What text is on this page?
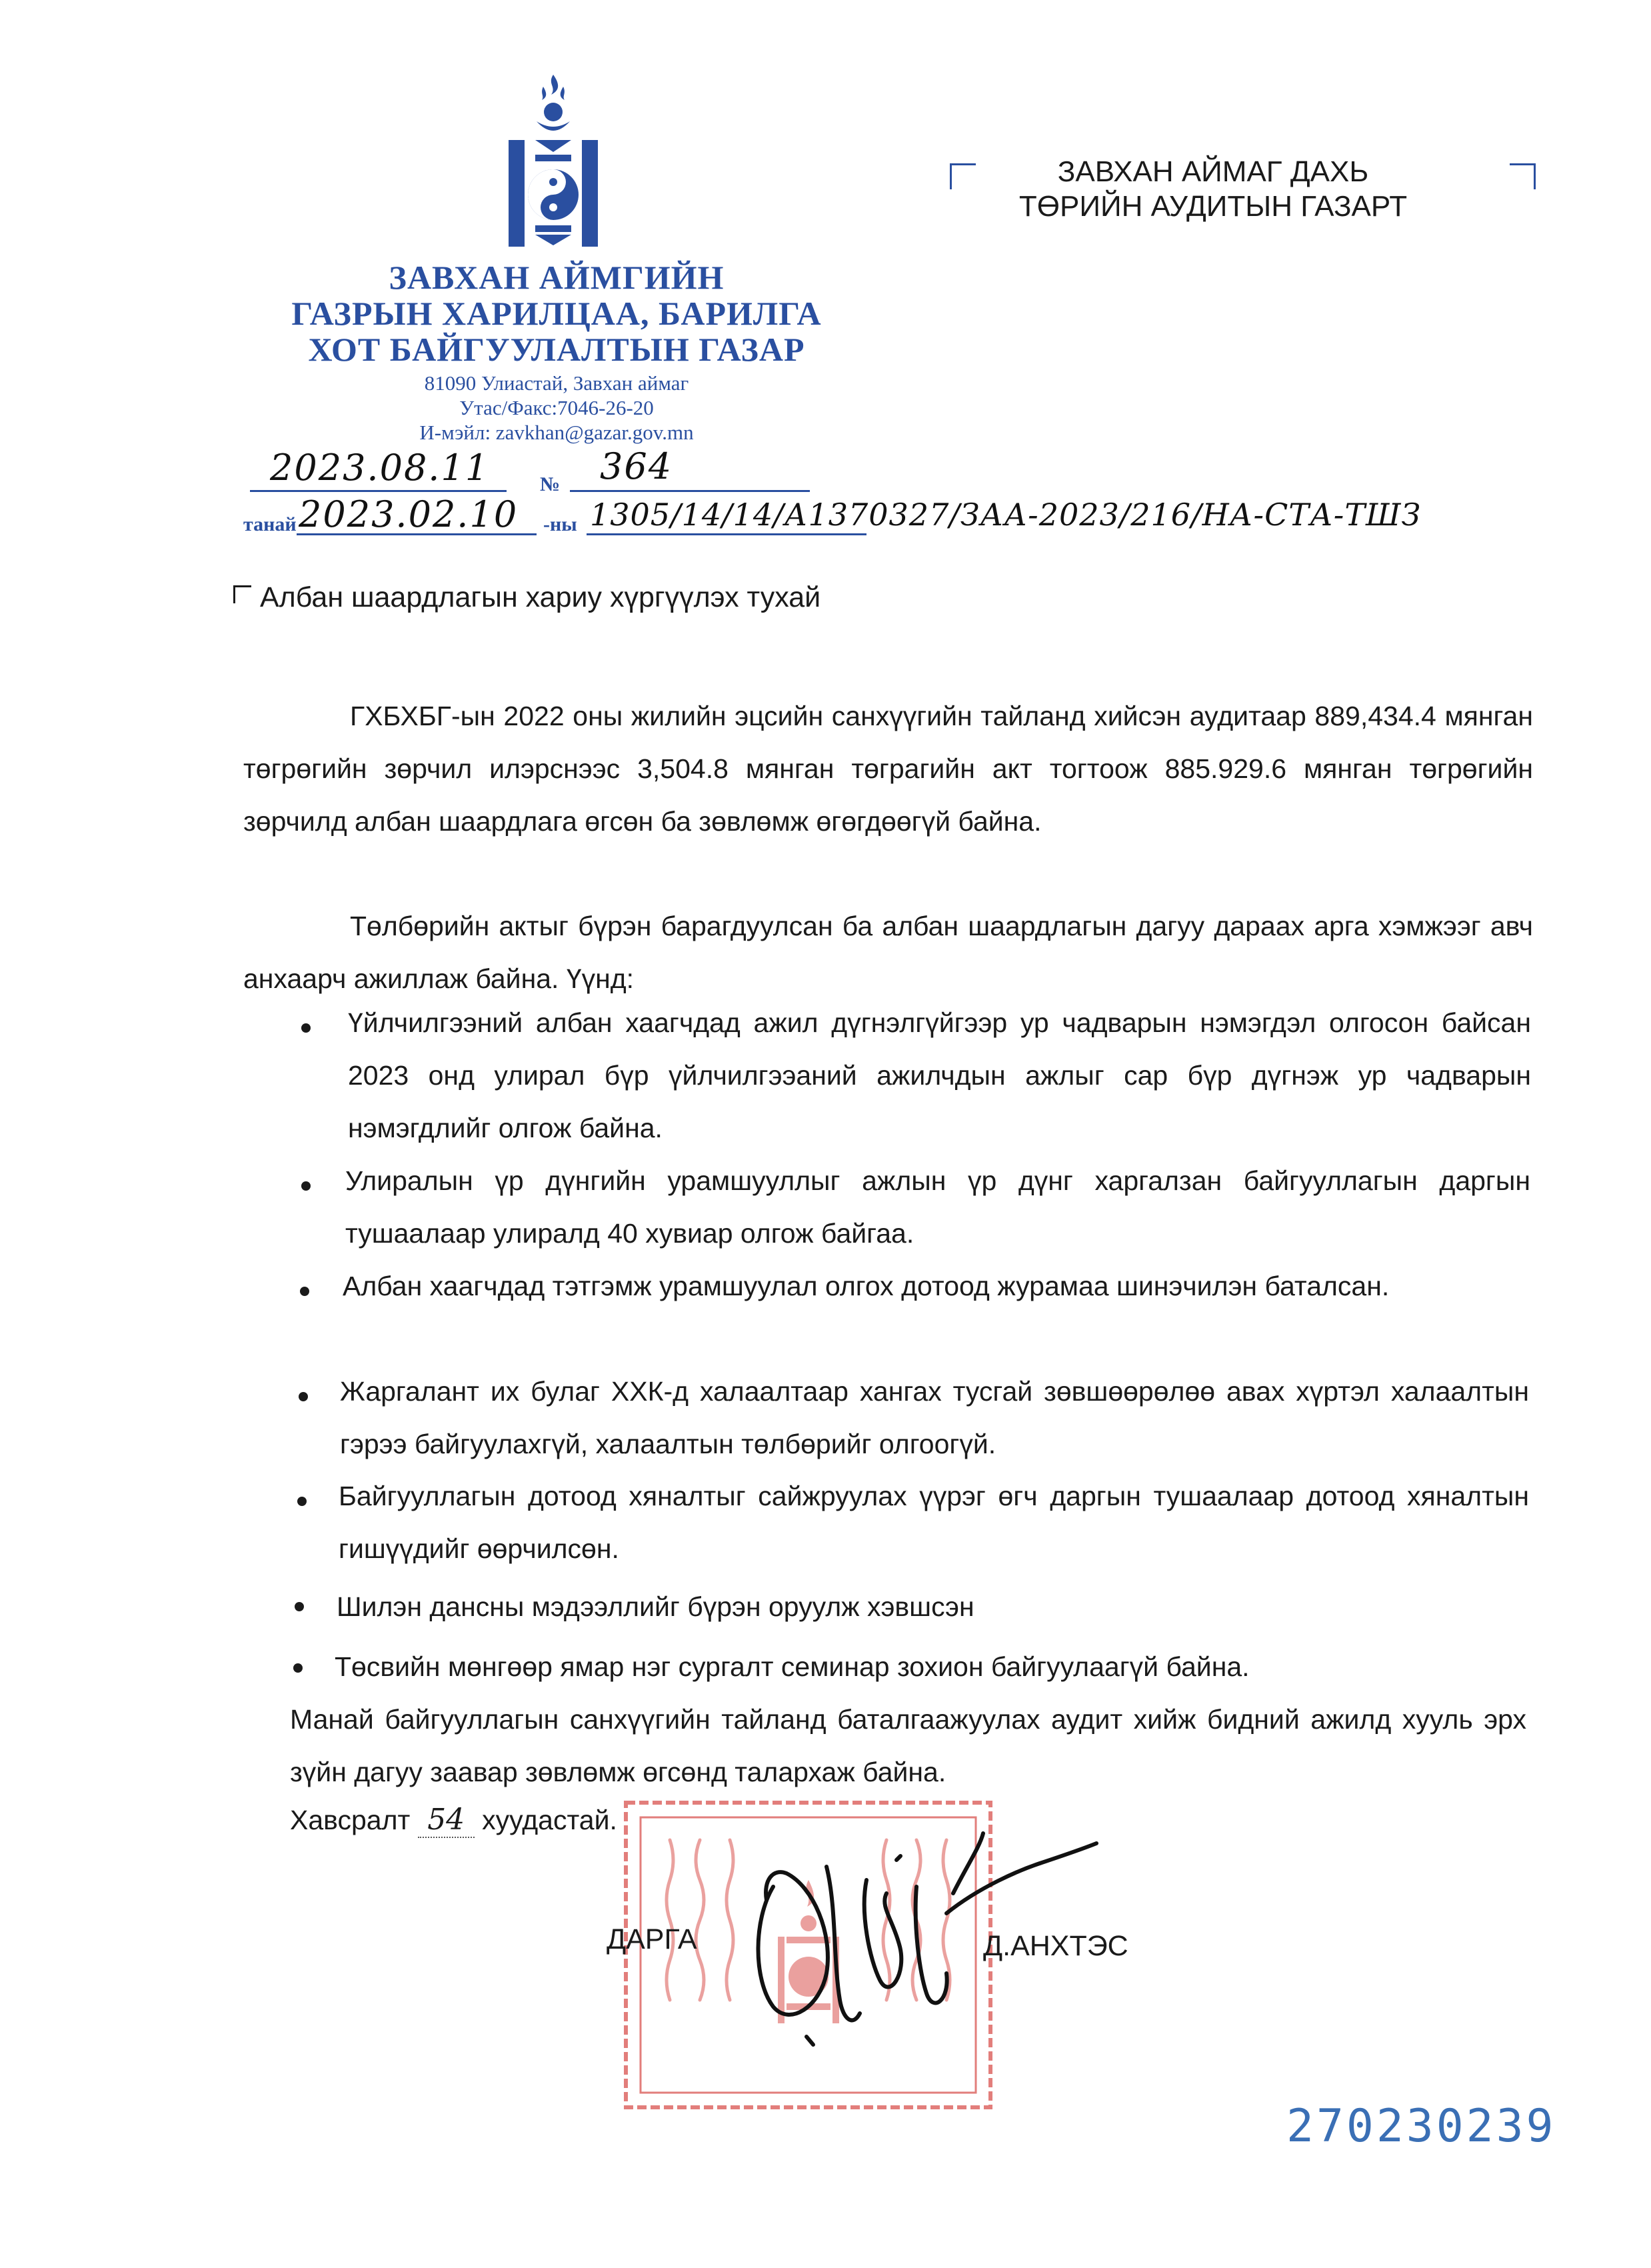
ЗАВХАН АЙМГИЙН
ГАЗРЫН ХАРИЛЦАА, БАРИЛГА
ХОТ БАЙГУУЛАЛТЫН ГАЗАР
81090 Улиастай, Завхан аймаг
Утас/Факс:7046-26-20
И-мэйл: zavkhan@gazar.gov.mn
ЗАВХАН АЙМАГ ДАХЬ
ТӨРИЙН АУДИТЫН ГАЗАРТ
2023.08.11	№ 364
танай 2023.02.10 -ны 1305/14/14/А1370327/ЗАА-2023/216/НА-СТА-ТШЗ
Албан шаардлагын хариу хүргүүлэх тухай
ГХБХБГ-ын 2022 оны жилийн эцсийн санхүүгийн тайланд хийсэн аудитаар 889,434.4 мянган төгрөгийн зөрчил илэрснээс 3,504.8 мянган төграгийн акт тогтоож 885.929.6 мянган төгрөгийн зөрчилд албан шаардлага өгсөн ба зөвлөмж өгөгдөөгүй байна.
Төлбөрийн актыг бүрэн барагдуулсан ба албан шаардлагын дагуу дараах арга хэмжээг авч анхаарч ажиллаж байна. Үүнд:
Үйлчилгээний албан хаагчдад ажил дүгнэлгүйгээр ур чадварын нэмэгдэл олгосон байсан 2023 онд улирал бүр үйлчилгээаний ажилчдын ажлыг сар бүр дүгнэж ур чадварын нэмэгдлийг олгож байна.
Улиралын үр дүнгийн урамшууллыг ажлын үр дүнг харгалзан байгууллагын даргын тушаалаар улиралд 40 хувиар олгож байгаа.
Албан хаагчдад тэтгэмж урамшуулал олгох дотоод журамаа шинэчилэн баталсан.
Жаргалант их булаг ХХК-д халаалтаар хангах тусгай зөвшөөрөлөө авах хүртэл халаалтын гэрээ байгуулахгүй, халаалтын төлбөрийг олгоогүй.
Байгууллагын дотоод хяналтыг сайжруулах үүрэг өгч даргын тушаалаар дотоод хяналтын гишүүдийг өөрчилсөн.
Шилэн дансны мэдээллийг бүрэн оруулж хэвшсэн
Төсвийн мөнгөөр ямар нэг сургалт семинар зохион байгуулаагүй байна.
Манай байгууллагын санхүүгийн тайланд баталгаажуулах аудит хийж бидний ажилд хууль эрх зүйн дагуу заавар зөвлөмж өгсөнд талархаж байна.
Хавсралт 54 хуудастай.
ДАРГА	Д.АНХТЭС
270230239
